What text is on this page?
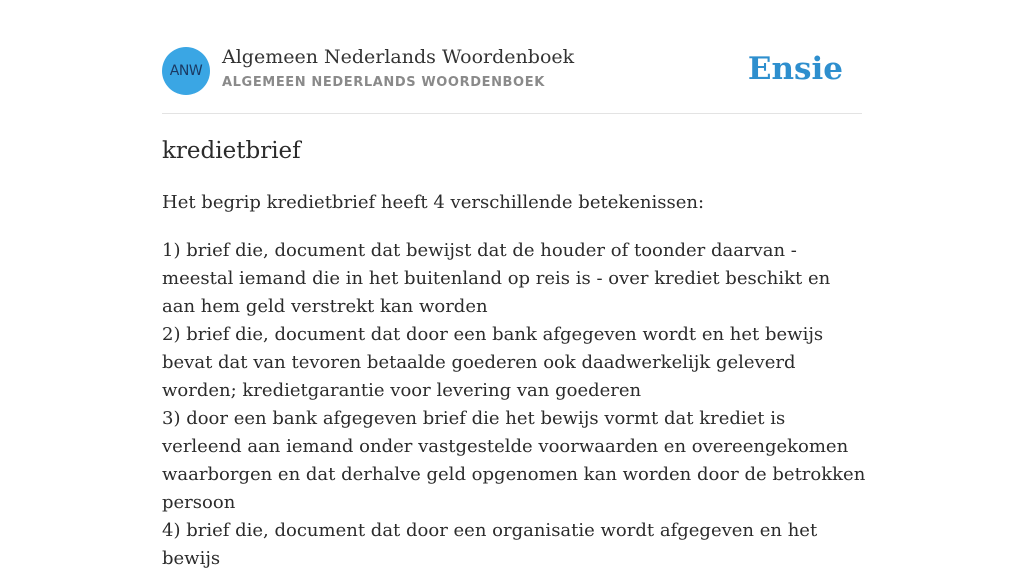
ANW
Algemeen Nederlands Woordenboek
ALGEMEEN NEDERLANDS WOORDENBOEK	Ensie
kredietbrief
Het begrip kredietbrief heeft 4 verschillende betekenissen:
1) brief die, document dat bewijst dat de houder of toonder daarvan - meestal iemand die in het buitenland op reis is - over krediet beschikt en aan hem geld verstrekt kan worden
2) brief die, document dat door een bank afgegeven wordt en het bewijs bevat dat van tevoren betaalde goederen ook daadwerkelijk geleverd worden; kredietgarantie voor levering van goederen
3) door een bank afgegeven brief die het bewijs vormt dat krediet is verleend aan iemand onder vastgestelde voorwaarden en overeengekomen waarborgen en dat derhalve geld opgenomen kan worden door de betrokken persoon
4) brief die, document dat door een organisatie wordt afgegeven en het bewijs
